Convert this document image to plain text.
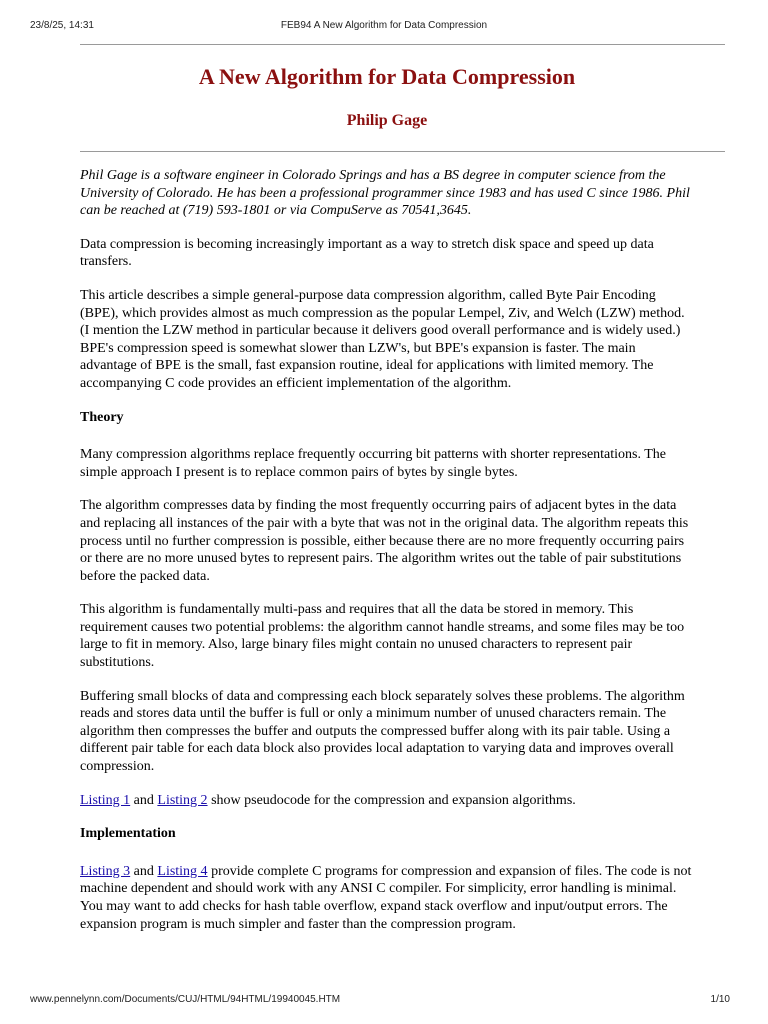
23/8/25, 14:31	FEB94 A New Algorithm for Data Compression
A New Algorithm for Data Compression
Philip Gage

Phil Gage is a software engineer in Colorado Springs and has a BS degree in computer science from the University of Colorado. He has been a professional programmer since 1983 and has used C since 1986. Phil can be reached at (719) 593-1801 or via CompuServe as 70541,3645.

Data compression is becoming increasingly important as a way to stretch disk space and speed up data transfers.

This article describes a simple general-purpose data compression algorithm, called Byte Pair Encoding (BPE), which provides almost as much compression as the popular Lempel, Ziv, and Welch (LZW) method. (I mention the LZW method in particular because it delivers good overall performance and is widely used.) BPE's compression speed is somewhat slower than LZW's, but BPE's expansion is faster. The main advantage of BPE is the small, fast expansion routine, ideal for applications with limited memory. The accompanying C code provides an efficient implementation of the algorithm.

Theory

Many compression algorithms replace frequently occurring bit patterns with shorter representations. The simple approach I present is to replace common pairs of bytes by single bytes.

The algorithm compresses data by finding the most frequently occurring pairs of adjacent bytes in the data and replacing all instances of the pair with a byte that was not in the original data. The algorithm repeats this process until no further compression is possible, either because there are no more frequently occurring pairs or there are no more unused bytes to represent pairs. The algorithm writes out the table of pair substitutions before the packed data.

This algorithm is fundamentally multi-pass and requires that all the data be stored in memory. This requirement causes two potential problems: the algorithm cannot handle streams, and some files may be too large to fit in memory. Also, large binary files might contain no unused characters to represent pair substitutions.

Buffering small blocks of data and compressing each block separately solves these problems. The algorithm reads and stores data until the buffer is full or only a minimum number of unused characters remain. The algorithm then compresses the buffer and outputs the compressed buffer along with its pair table. Using a different pair table for each data block also provides local adaptation to varying data and improves overall compression.

Listing 1 and Listing 2 show pseudocode for the compression and expansion algorithms.

Implementation

Listing 3 and Listing 4 provide complete C programs for compression and expansion of files. The code is not machine dependent and should work with any ANSI C compiler. For simplicity, error handling is minimal. You may want to add checks for hash table overflow, expand stack overflow and input/output errors. The expansion program is much simpler and faster than the compression program.

www.pennelynn.com/Documents/CUJ/HTML/94HTML/19940045.HTM	1/10
